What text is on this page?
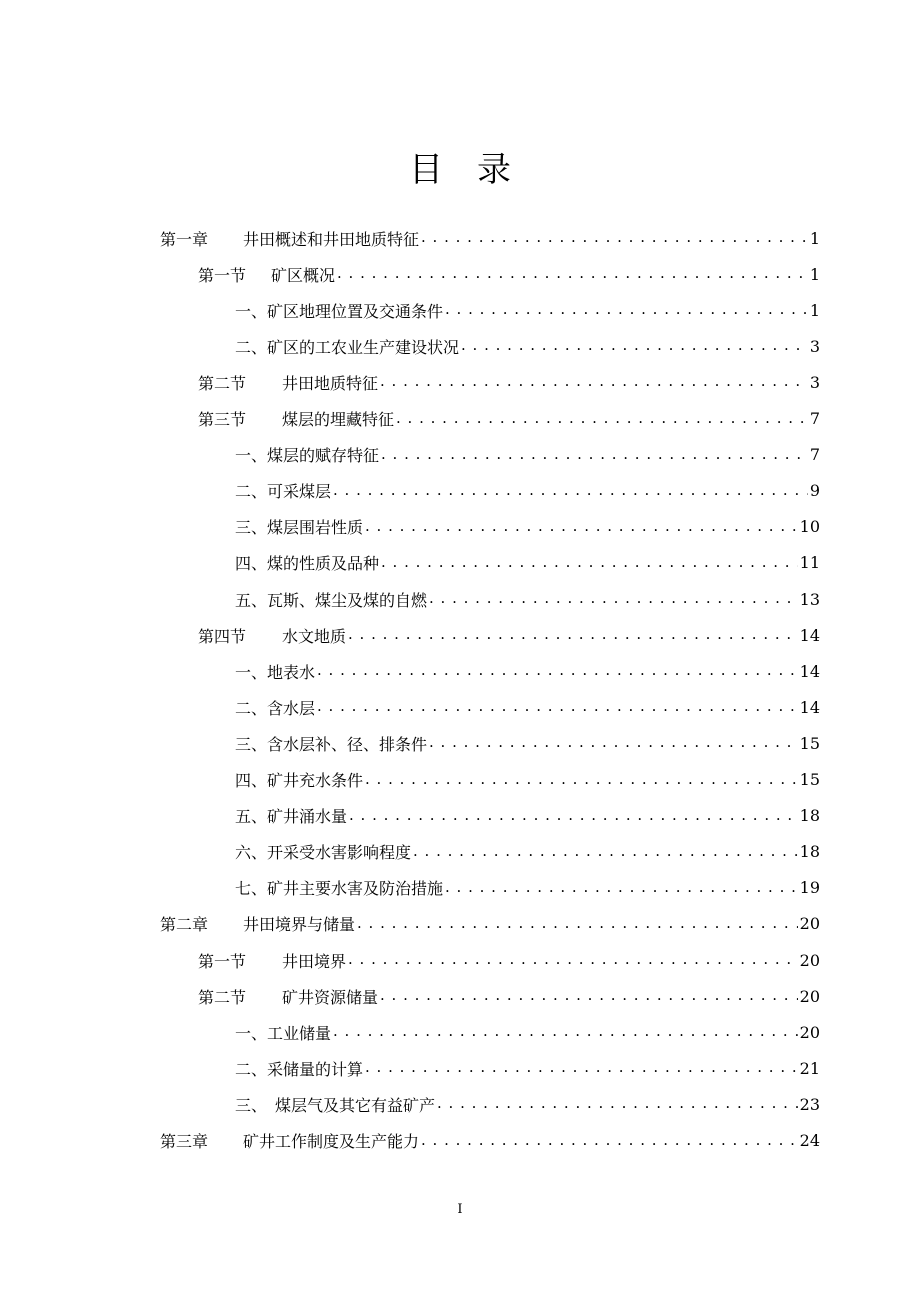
目录
第一章	井田概述和井田地质特征 . . .	1
第一节	矿区概况 . . .	1
一、矿区地理位置及交通条件 . . .	1
二、矿区的工农业生产建设状况 . . .	3
第二节	井田地质特征 . . .	3
第三节	煤层的埋藏特征 . . .	7
一、煤层的赋存特征 . . .	7
二、可采煤层 . . .	9
三、煤层围岩性质 . . .	10
四、煤的性质及品种 . . .	11
五、瓦斯、煤尘及煤的自燃 . . .	13
第四节	水文地质 . . .	14
一、地表水 . . .	14
二、含水层 . . .	14
三、含水层补、径、排条件 . . .	15
四、矿井充水条件 . . .	15
五、矿井涌水量 . . .	18
六、开采受水害影响程度 . . .	18
七、矿井主要水害及防治措施 . . .	19
第二章	井田境界与储量 . . .	20
第一节	井田境界 . . .	20
第二节	矿井资源储量 . . .	20
一、工业储量 . . .	20
二、采储量的计算 . . .	21
三、　煤层气及其它有益矿产 . . .	23
第三章	矿井工作制度及生产能力 . . .	24
I
